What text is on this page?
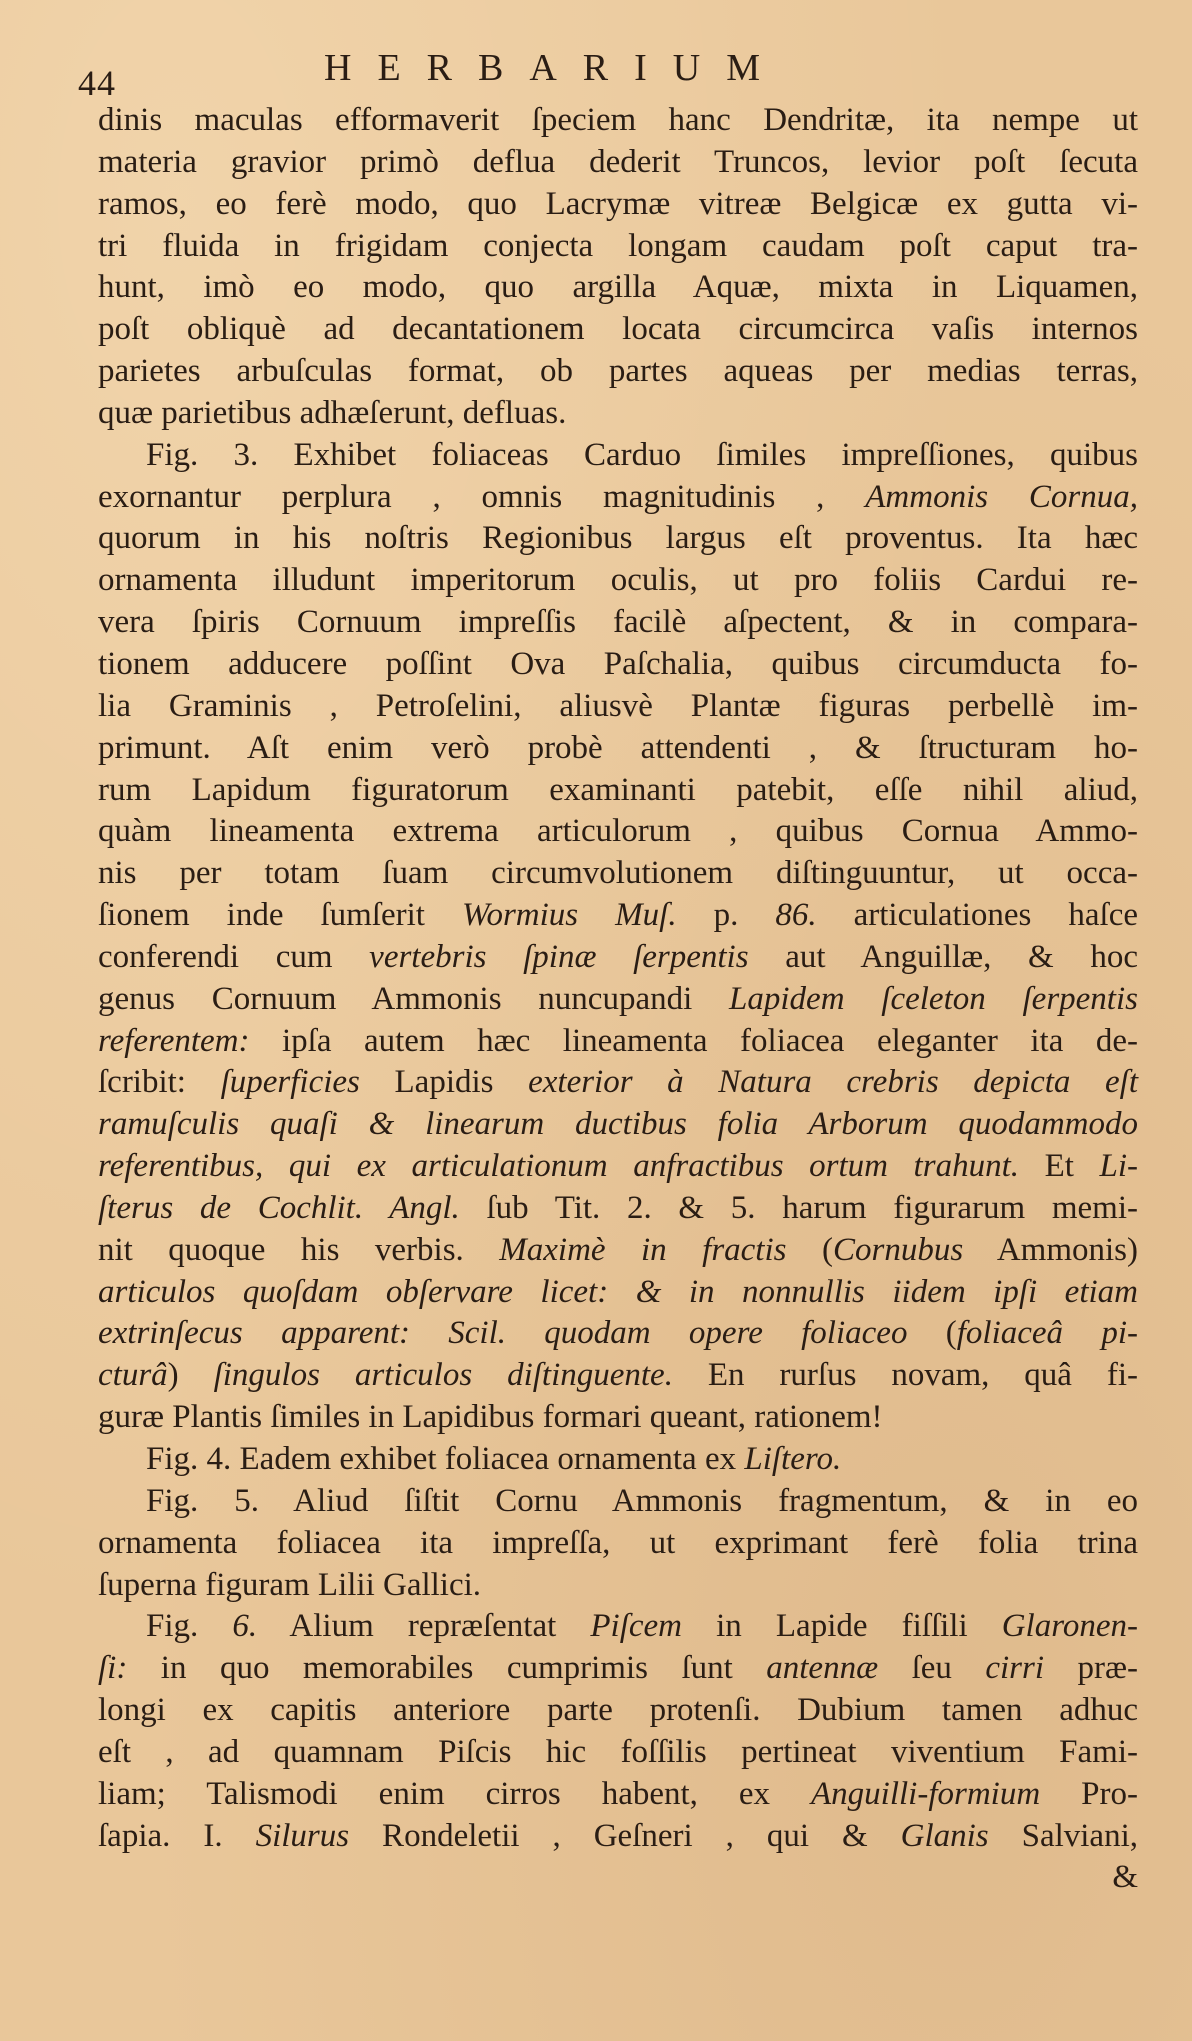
44	HERBARIUM
dinis maculas efformaverit ſpeciem hanc Dendritæ, ita nempe ut
materia gravior primò deflua dederit Truncos, levior poſt ſecuta
ramos, eo ferè modo, quo Lacrymæ vitreæ Belgicæ ex gutta vi-
tri fluida in frigidam conjecta longam caudam poſt caput tra-
hunt, imò eo modo, quo argilla Aquæ, mixta in Liquamen,
poſt obliquè ad decantationem locata circumcirca vaſis internos
parietes arbuſculas format, ob partes aqueas per medias terras,
quæ parietibus adhæſerunt, defluas.
Fig. 3. Exhibet foliaceas Carduo ſimiles impreſſiones, quibus
exornantur perplura , omnis magnitudinis , Ammonis Cornua,
quorum in his noſtris Regionibus largus eſt proventus. Ita hæc
ornamenta illudunt imperitorum oculis, ut pro foliis Cardui re-
vera ſpiris Cornuum impreſſis facilè aſpectent, & in compara-
tionem adducere poſſint Ova Paſchalia, quibus circumducta fo-
lia Graminis , Petroſelini, aliusvè Plantæ figuras perbellè im-
primunt. Aſt enim verò probè attendenti , & ſtructuram ho-
rum Lapidum figuratorum examinanti patebit, eſſe nihil aliud,
quàm lineamenta extrema articulorum , quibus Cornua Ammo-
nis per totam ſuam circumvolutionem diſtinguuntur, ut occa-
ſionem inde ſumſerit Wormius Muſ. p. 86. articulationes haſce
conferendi cum vertebris ſpinæ ſerpentis aut Anguillæ, & hoc
genus Cornuum Ammonis nuncupandi Lapidem ſceleton ſerpentis
referentem: ipſa autem hæc lineamenta foliacea eleganter ita de-
ſcribit: ſuperficies Lapidis exterior à Natura crebris depicta eſt
ramuſculis quaſi & linearum ductibus folia Arborum quodammodo
referentibus, qui ex articulationum anfractibus ortum trahunt. Et Li-
ſterus de Cochlit. Angl. ſub Tit. 2. & 5. harum figurarum memi-
nit quoque his verbis. Maximè in fractis (Cornubus Ammonis)
articulos quoſdam obſervare licet: & in nonnullis iidem ipſi etiam
extrinſecus apparent: Scil. quodam opere foliaceo (foliaceâ pi-
cturâ) ſingulos articulos diſtinguente. En rurſus novam, quâ fi-
guræ Plantis ſimiles in Lapidibus formari queant, rationem!
Fig. 4. Eadem exhibet foliacea ornamenta ex Liſtero.
Fig. 5. Aliud ſiſtit Cornu Ammonis fragmentum, & in eo
ornamenta foliacea ita impreſſa, ut exprimant ferè folia trina
ſuperna figuram Lilii Gallici.
Fig. 6. Alium repræſentat Piſcem in Lapide fiſſili Glaronen-
ſi: in quo memorabiles cumprimis ſunt antennæ ſeu cirri præ-
longi ex capitis anteriore parte protenſi. Dubium tamen adhuc
eſt , ad quamnam Piſcis hic foſſilis pertineat viventium Fami-
liam; Talismodi enim cirros habent, ex Anguilli-formium Pro-
ſapia. I. Silurus Rondeletii , Geſneri , qui & Glanis Salviani,
&
